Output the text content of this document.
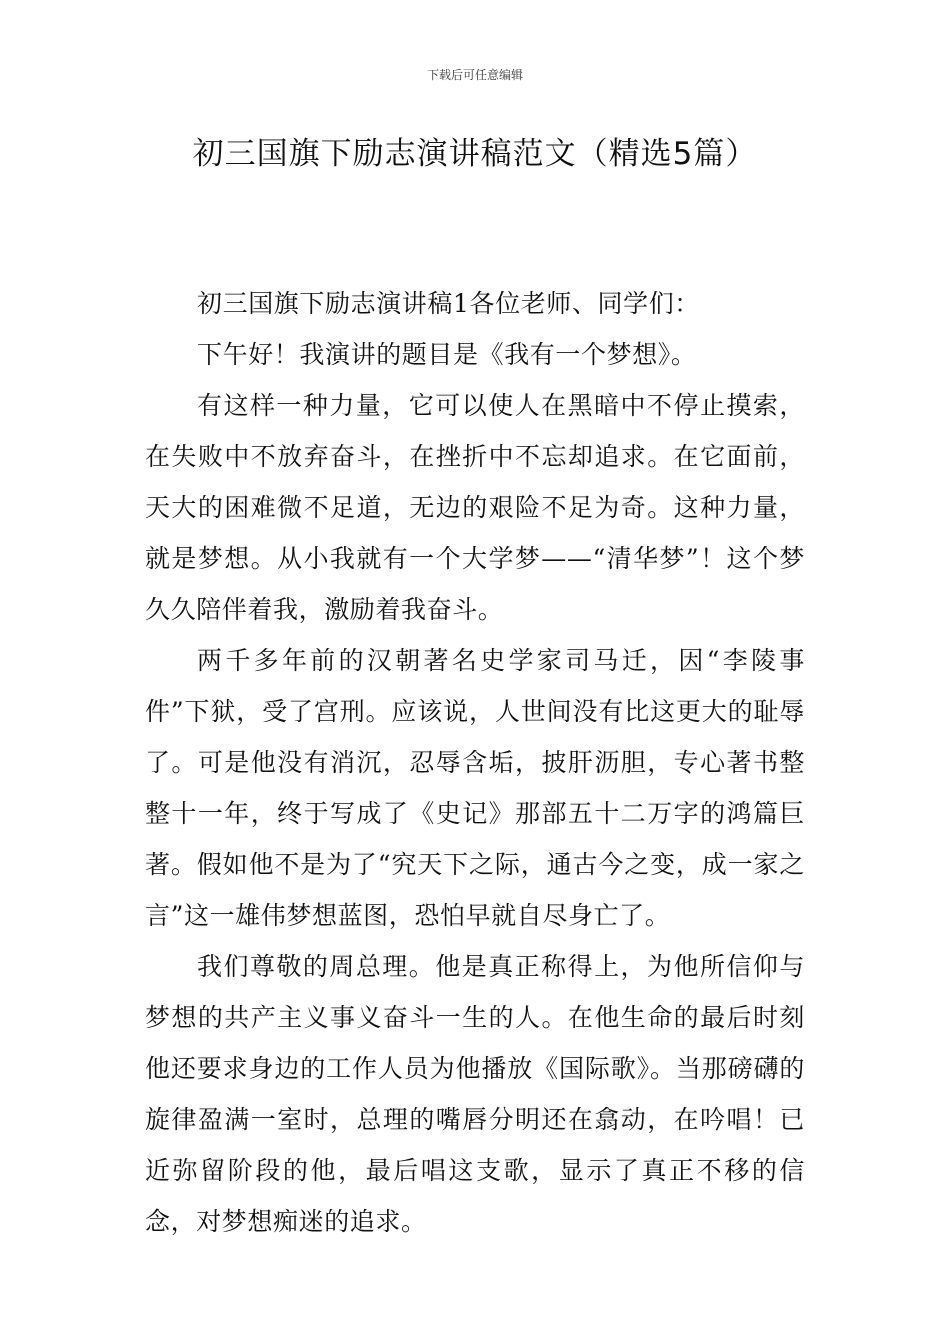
下载后可任意编辑
初三国旗下励志演讲稿范文（精选5篇）

初三国旗下励志演讲稿1各位老师、同学们：

下午好！我演讲的题目是《我有一个梦想》。

有这样一种力量，它可以使人在黑暗中不停止摸索，在失败中不放弃奋斗，在挫折中不忘却追求。在它面前，天大的困难微不足道，无边的艰险不足为奇。这种力量，就是梦想。从小我就有一个大学梦——“清华梦”！这个梦久久陪伴着我，激励着我奋斗。

两千多年前的汉朝著名史学家司马迁，因“李陵事件”下狱，受了宫刑。应该说，人世间没有比这更大的耻辱了。可是他没有消沉，忍辱含垢，披肝沥胆，专心著书整整十一年，终于写成了《史记》那部五十二万字的鸿篇巨著。假如他不是为了“究天下之际，通古今之变，成一家之言”这一雄伟梦想蓝图，恐怕早就自尽身亡了。

我们尊敬的周总理。他是真正称得上，为他所信仰与梦想的共产主义事义奋斗一生的人。在他生命的最后时刻他还要求身边的工作人员为他播放《国际歌》。当那磅礴的旋律盈满一室时，总理的嘴唇分明还在翕动，在吟唱！已近弥留阶段的他，最后唱这支歌，显示了真正不移的信念，对梦想痴迷的追求。
